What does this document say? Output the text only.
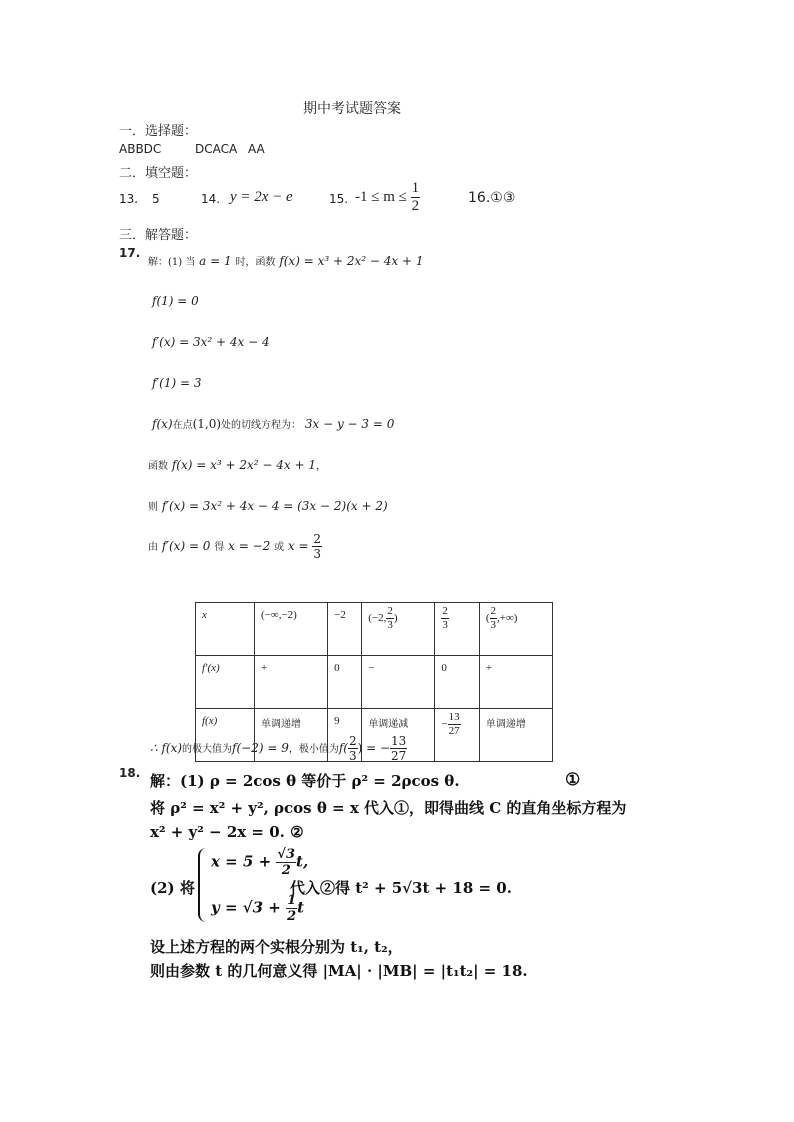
期中考试题答案
一．选择题：
ABBDC	DCACA AA
二．填空题：
13. 5	14. y = 2x − e	15. $-1 \le m \le \frac{1}{2}$	16.①③
三．解答题：
17.
解：(1) 当 a = 1 时，函数 f(x) = x³ + 2x² − 4x + 1
f(1) = 0
f′(x) = 3x² + 4x − 4
f′(1) = 3
f(x)在点(1,0)处的切线方程为： 3x − y − 3 = 0
函数 f(x) = x³ + 2x² − 4x + 1，
则 f′(x) = 3x² + 4x − 4 = (3x − 2)(x + 2)
由 f′(x) = 0 得 x = −2 或 $x = \frac{2}{3}$
x	(−∞,−2)	−2	(−2, $\frac{2}{3}$ )	$\frac{2}{3}$	( $\frac{2}{3}$ ,+∞)
f′(x)	+	0	−	0	+
f(x)	单调递增	9	单调递减	− $\frac{13}{27}$	单调递增
∴ f(x)的极大值为f(−2) = 9，极小值为$f( \frac{2}{3}$ ) = − $\frac{13}{27}$
18. 解：(1) ρ = 2cos θ 等价于 ρ² = 2ρcos θ.	①
将 ρ² = x² + y², ρcos θ = x 代入①，即得曲线 C 的直角坐标方程为
x² + y² − 2x = 0. ②
(2) 将
$x = 5 + \frac{√3}{2} t$,
$y = √3 + \frac{1}{2}$ t
代入②得 t² + 5√3t + 18 = 0.
设上述方程的两个实根分别为 t₁, t₂，
则由参数 t 的几何意义得 |MA| · |MB| = |t₁t₂| = 18.
